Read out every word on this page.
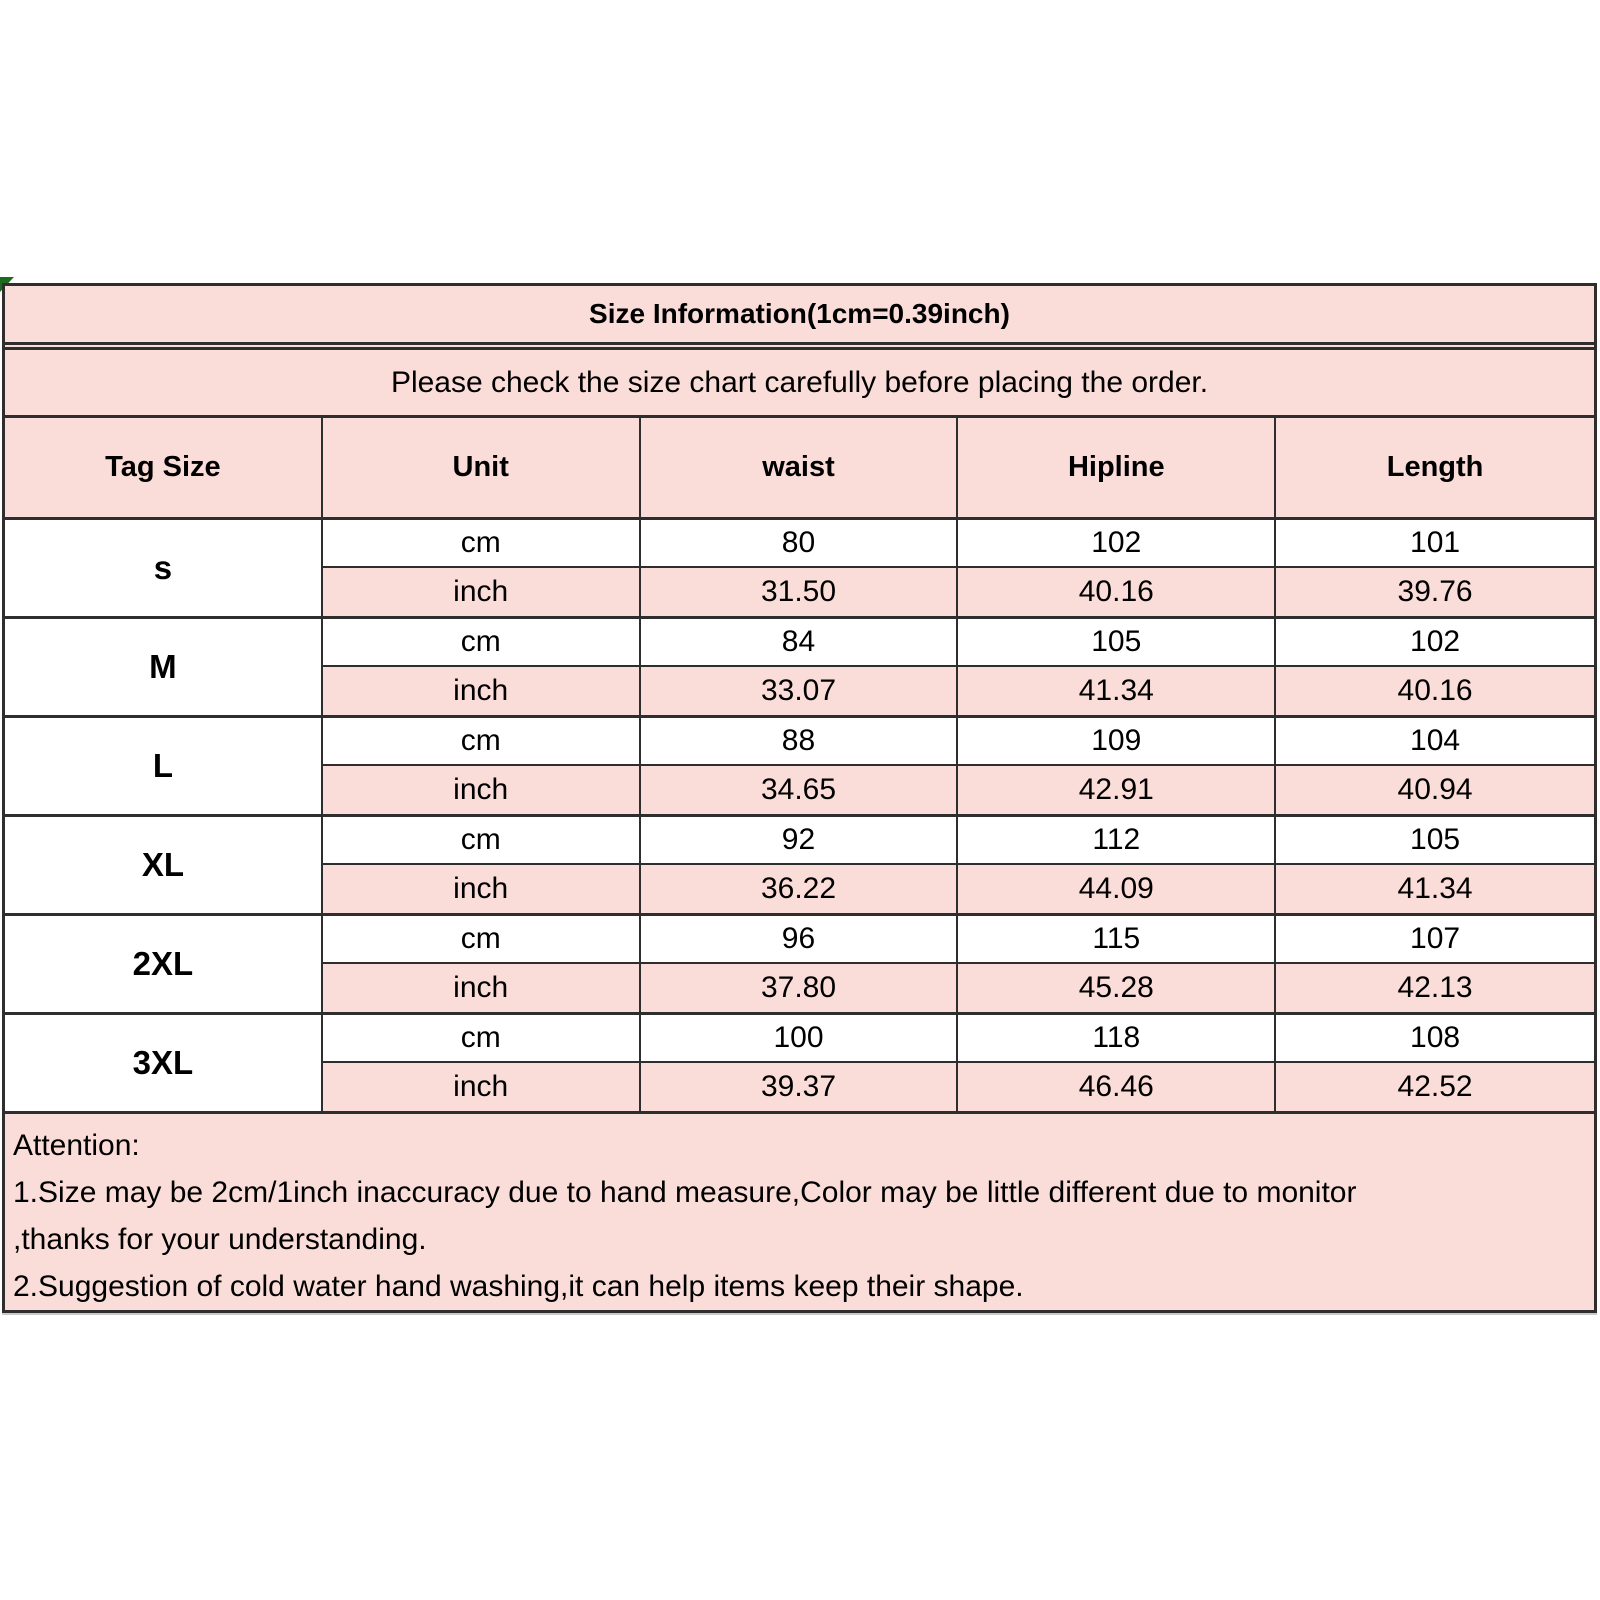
Size Information(1cm=0.39inch)
Please check the size chart carefully before placing the order.
Tag Size	Unit	waist	Hipline	Length
s
cm	80	102	101
inch	31.50	40.16	39.76
M
cm	84	105	102
inch	33.07	41.34	40.16
L
cm	88	109	104
inch	34.65	42.91	40.94
XL
cm	92	112	105
inch	36.22	44.09	41.34
2XL
cm	96	115	107
inch	37.80	45.28	42.13
3XL
cm	100	118	108
inch	39.37	46.46	42.52
Attention:
1.Size may be 2cm/1inch inaccuracy due to hand measure,Color may be little different due to monitor
,thanks for your understanding.
2.Suggestion of cold water hand washing,it can help items keep their shape.
